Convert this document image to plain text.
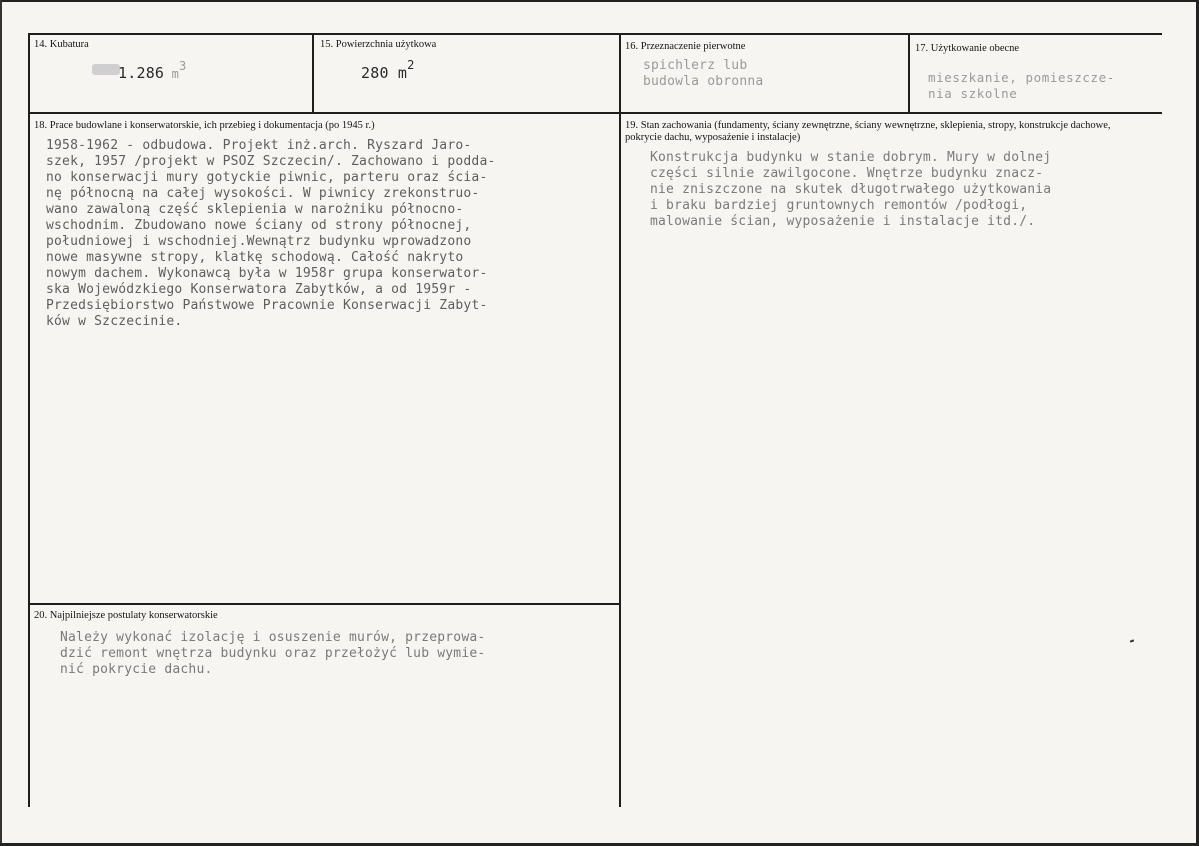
14. Kubatura
1.286 $m^3$
15. Powierzchnia użytkowa
280 $m^2$
16. Przeznaczenie pierwotne
spichlerz lub
budowla obronna
17. Użytkowanie obecne
mieszkanie, pomieszcze-
nia szkolne
18. Prace budowlane i konserwatorskie, ich przebieg i dokumentacja (po 1945 r.)
1958-1962 - odbudowa. Projekt inż.arch. Ryszard Jaro-
szek, 1957 /projekt w PSOZ Szczecin/. Zachowano i podda-
no konserwacji mury gotyckie piwnic, parteru oraz ścia-
nę północną na całej wysokości. W piwnicy zrekonstruo-
wano zawaloną część sklepienia w narożniku północno-
wschodnim. Zbudowano nowe ściany od strony północnej,
południowej i wschodniej.Wewnątrz budynku wprowadzono
nowe masywne stropy, klatkę schodową. Całość nakryto
nowym dachem. Wykonawcą była w 1958r grupa konserwator-
ska Wojewódzkiego Konserwatora Zabytków, a od 1959r -
Przedsiębiorstwo Państwowe Pracownie Konserwacji Zabyt-
ków w Szczecinie.
19. Stan zachowania (fundamenty, ściany zewnętrzne, ściany wewnętrzne, sklepienia, stropy, konstrukcje dachowe,
pokrycie dachu, wyposażenie i instalacje)
Konstrukcja budynku w stanie dobrym. Mury w dolnej
części silnie zawilgocone. Wnętrze budynku znacz-
nie zniszczone na skutek długotrwałego użytkowania
i braku bardziej gruntownych remontów /podłogi,
malowanie ścian, wyposażenie i instalacje itd./.
20. Najpilniejsze postulaty konserwatorskie
Należy wykonać izolację i osuszenie murów, przeprowa-
dzić remont wnętrza budynku oraz przełożyć lub wymie-
nić pokrycie dachu.
